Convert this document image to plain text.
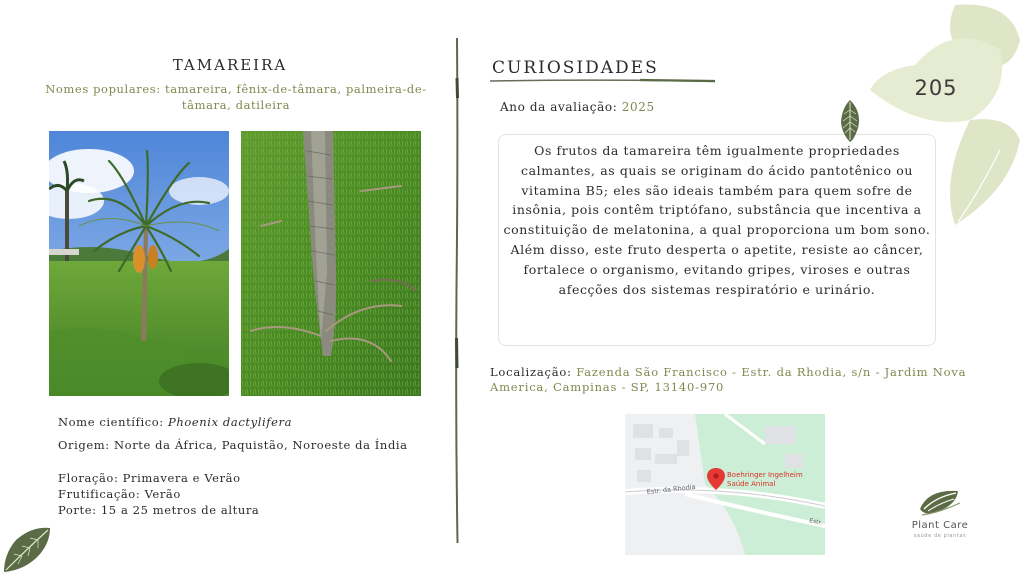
TAMAREIRA
Nomes populares: tamareira, fênix-de-tâmara, palmeira-de-tâmara, datileira
Nome científico: Phoenix dactylifera
Origem: Norte da África, Paquistão, Noroeste da Índia
Floração: Primavera e Verão
Frutificação: Verão
Porte: 15 a 25 metros de altura
CURIOSIDADES
Ano da avaliação: 2025
Os frutos da tamareira têm igualmente propriedades calmantes, as quais se originam do ácido pantotênico ou vitamina B5; eles são ideais também para quem sofre de insônia, pois contêm triptófano, substância que incentiva a constituição de melatonina, a qual proporciona um bom sono. Além disso, este fruto desperta o apetite, resiste ao câncer, fortalece o organismo, evitando gripes, viroses e outras afecções dos sistemas respiratório e urinário.
Localização: Fazenda São Francisco - Estr. da Rhodia, s/n - Jardim Nova America, Campinas - SP, 13140-970
Estr. da Rhodia
Estr.
Boehringer Ingelheim
Saúde Animal
205
Plant Care
saúde de plantas
